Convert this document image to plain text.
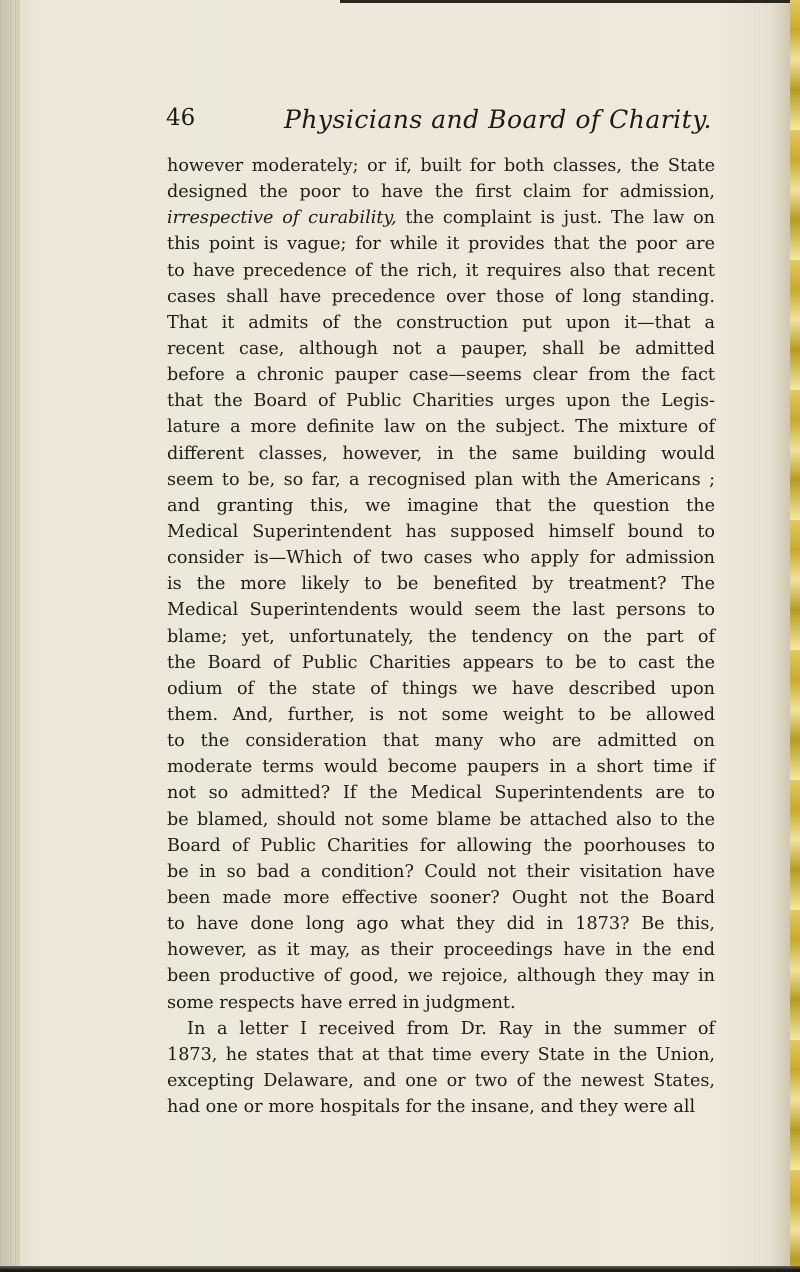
46	Physicians and Board of Charity.
however moderately; or if, built for both classes, the State
designed the poor to have the first claim for admission,
irrespective of curability, the complaint is just. The law on
this point is vague; for while it provides that the poor are
to have precedence of the rich, it requires also that recent
cases shall have precedence over those of long standing.
That it admits of the construction put upon it—that a
recent case, although not a pauper, shall be admitted
before a chronic pauper case—seems clear from the fact
that the Board of Public Charities urges upon the Legis-
lature a more definite law on the subject. The mixture of
different classes, however, in the same building would
seem to be, so far, a recognised plan with the Americans ;
and granting this, we imagine that the question the
Medical Superintendent has supposed himself bound to
consider is—Which of two cases who apply for admission
is the more likely to be benefited by treatment? The
Medical Superintendents would seem the last persons to
blame; yet, unfortunately, the tendency on the part of
the Board of Public Charities appears to be to cast the
odium of the state of things we have described upon
them. And, further, is not some weight to be allowed
to the consideration that many who are admitted on
moderate terms would become paupers in a short time if
not so admitted? If the Medical Superintendents are to
be blamed, should not some blame be attached also to the
Board of Public Charities for allowing the poorhouses to
be in so bad a condition? Could not their visitation have
been made more effective sooner? Ought not the Board
to have done long ago what they did in 1873? Be this,
however, as it may, as their proceedings have in the end
been productive of good, we rejoice, although they may in
some respects have erred in judgment.
In a letter I received from Dr. Ray in the summer of
1873, he states that at that time every State in the Union,
excepting Delaware, and one or two of the newest States,
had one or more hospitals for the insane, and they were all
